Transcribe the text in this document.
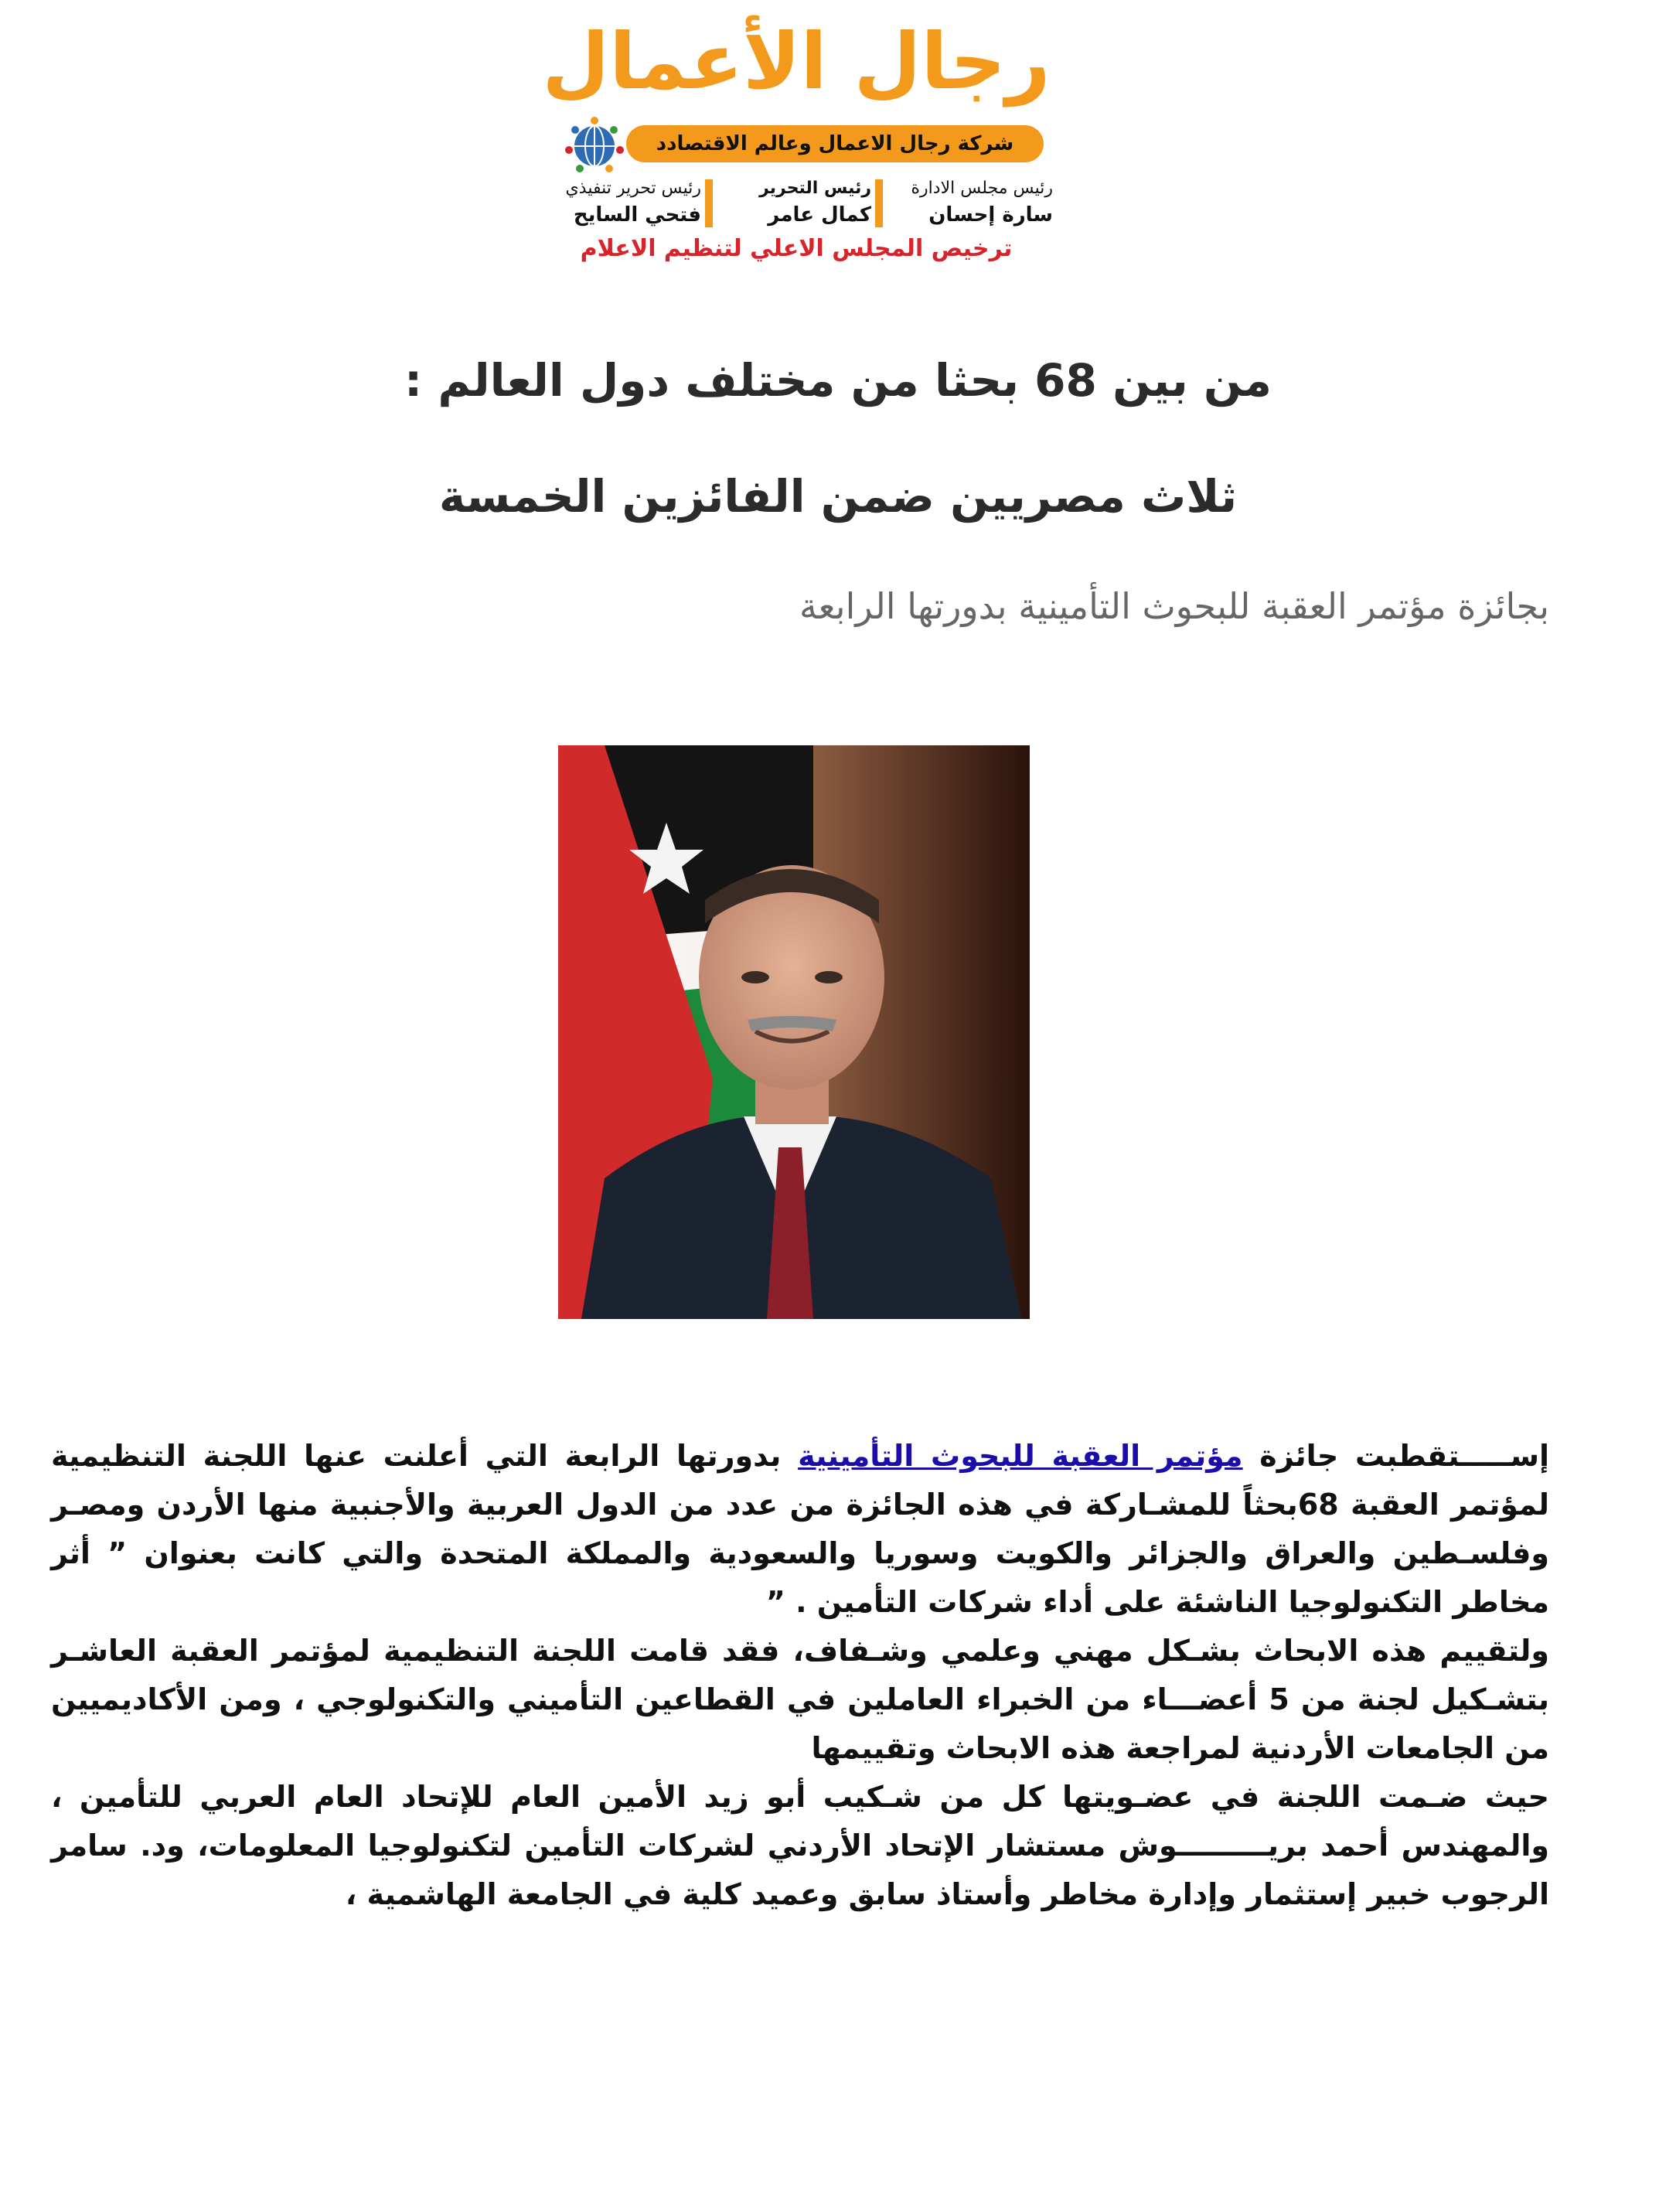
رجال الأعمال
شركة رجال الاعمال وعالم الاقتصادد
رئيس مجلس الادارة
سارة إحسان
رئيس التحرير
كمال عامر
رئيس تحرير تنفيذي
فتحي السايح
ترخيص المجلس الاعلي لتنظيم الاعلام
من بين 68 بحثا من مختلف دول العالم :
ثلاث مصريين ضمن الفائزين الخمسة
بجائزة مؤتمر العقبة للبحوث التأمينية بدورتها الرابعة

إســـــتقطبت جائزة مؤتمر العقبة للبحوث التأمينية بدورتها الرابعة التي أعلنت عنها اللجنة التنظيمية لمؤتمر العقبة 68بحثاً للمشـاركة في هذه الجائزة من عدد من الدول العربية والأجنبية منها الأردن ومصـر وفلسـطين والعراق والجزائر والكويت وسوريا والسعودية والمملكة المتحدة والتي كانت بعنوان ” أثر مخاطر التكنولوجيا الناشئة على أداء شركات التأمين . ”

ولتقييم هذه الابحاث بشـكل مهني وعلمي وشـفاف، فقد قامت اللجنة التنظيمية لمؤتمر العقبة العاشـر بتشـكيل لجنة من 5 أعضـــاء من الخبراء العاملين في القطاعين التأميني والتكنولوجي ، ومن الأكاديميين من الجامعات الأردنية لمراجعة هذه الابحاث وتقييمها

حيث ضـمت اللجنة في عضـويتها كل من شـكيب أبو زيد الأمين العام للإتحاد العام العربي للتأمين ، والمهندس أحمد بريـــــــــوش مستشار الإتحاد الأردني لشركات التأمين لتكنولوجيا المعلومات، ود. سامر الرجوب خبير إستثمار وإدارة مخاطر وأستاذ سابق وعميد كلية في الجامعة الهاشمية ،
